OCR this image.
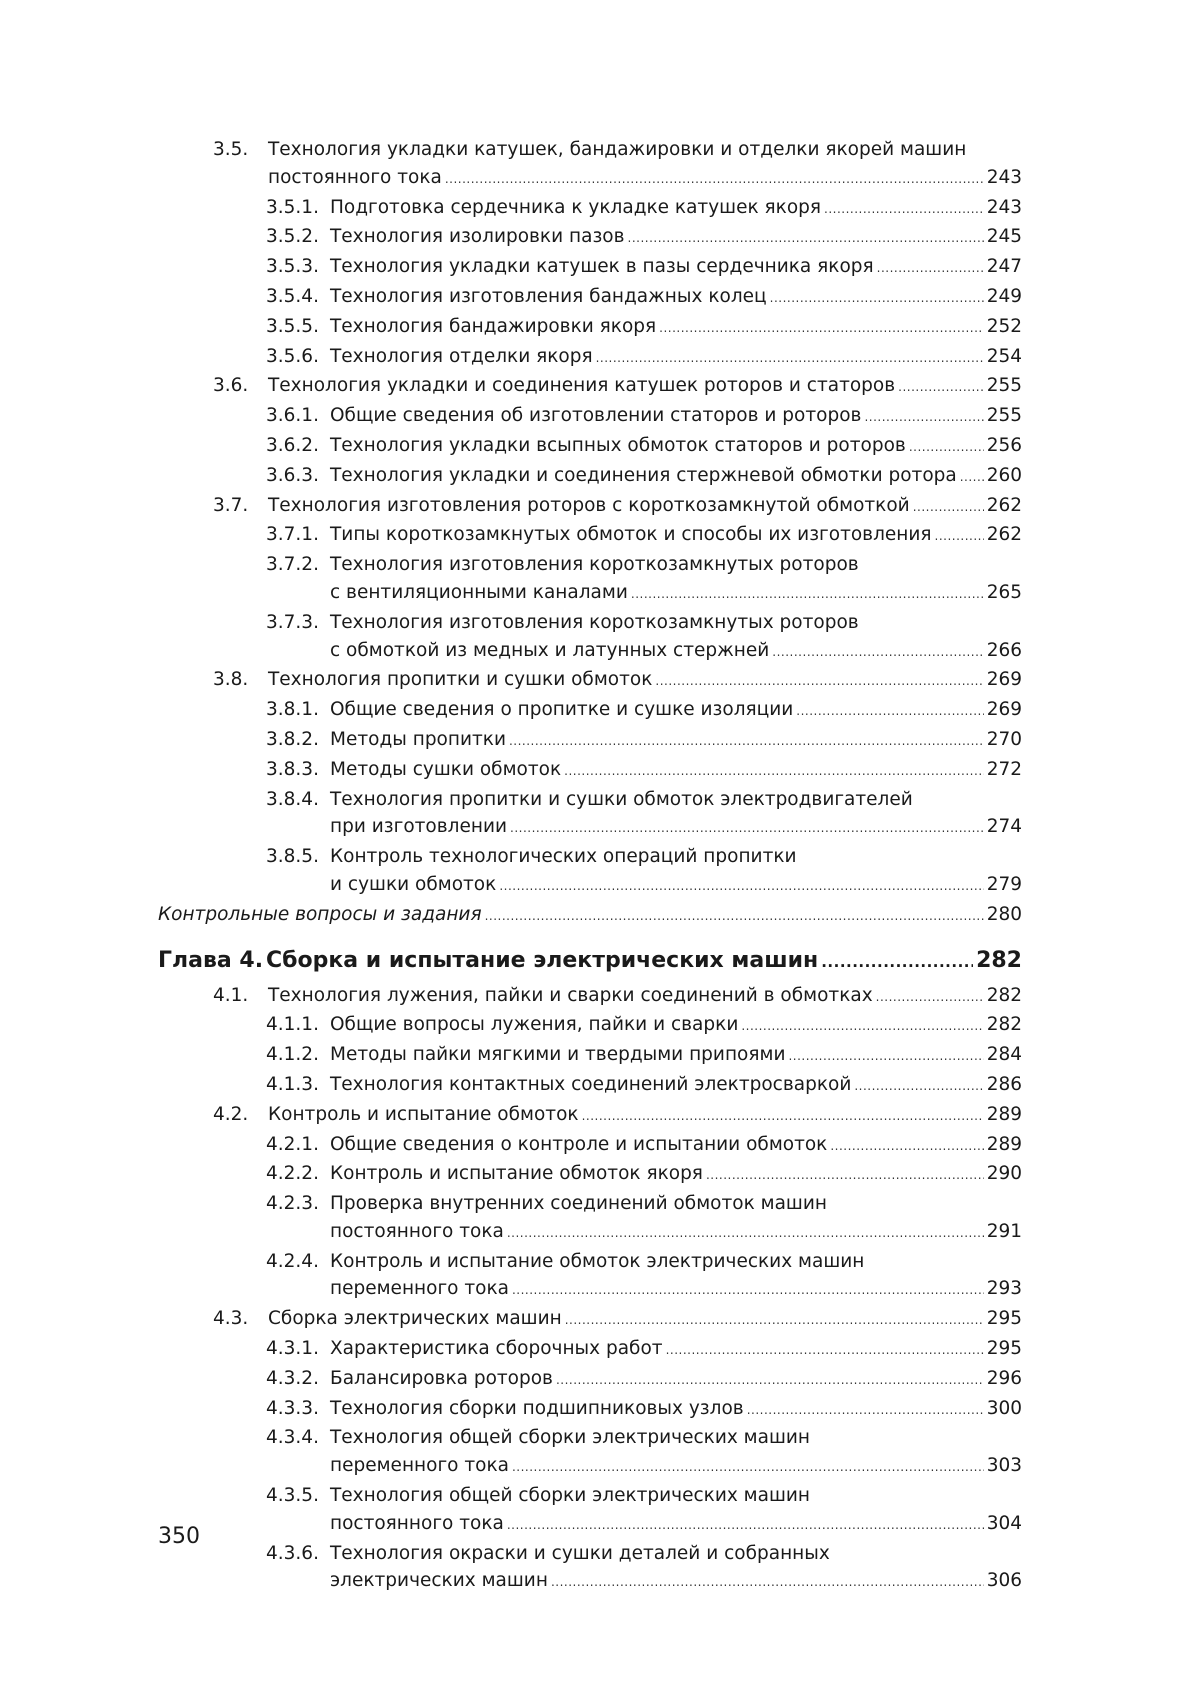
3.5.	Технология укладки катушек, бандажировки и отделки якорей машин
постоянного тока .....	243
3.5.1. Подготовка сердечника к укладке катушек якоря .....	243
3.5.2. Технология изолировки пазов .....	245
3.5.3. Технология укладки катушек в пазы сердечника якоря .....	247
3.5.4. Технология изготовления бандажных колец .....	249
3.5.5. Технология бандажировки якоря .....	252
3.5.6. Технология отделки якоря .....	254
3.6.	Технология укладки и соединения катушек роторов и статоров .....	255
3.6.1. Общие сведения об изготовлении статоров и роторов .....	255
3.6.2. Технология укладки всыпных обмоток статоров и роторов .....	256
3.6.3. Технология укладки и соединения стержневой обмотки ротора ..... 260
3.7.	Технология изготовления роторов с короткозамкнутой обмоткой .....	262
3.7.1. Типы короткозамкнутых обмоток и способы их изготовления .....	262
3.7.2. Технология изготовления короткозамкнутых роторов
с вентиляционными каналами .....	265
3.7.3. Технология изготовления короткозамкнутых роторов
с обмоткой из медных и латунных стержней .....	266
3.8.	Технология пропитки и сушки обмоток .....	269
3.8.1. Общие сведения о пропитке и сушке изоляции .....	269
3.8.2. Методы пропитки .....	270
3.8.3. Методы сушки обмоток .....	272
3.8.4. Технология пропитки и сушки обмоток электродвигателей
при изготовлении .....	274
3.8.5. Контроль технологических операций пропитки
и сушки обмоток .....	279
Контрольные вопросы и задания .....	280
Глава 4. Сборка и испытание электрических машин .....	282
4.1.	Технология лужения, пайки и сварки соединений в обмотках .....	282
4.1.1. Общие вопросы лужения, пайки и сварки .....	282
4.1.2. Методы пайки мягкими и твердыми припоями .....	284
4.1.3. Технология контактных соединений электросваркой .....	286
4.2.	Контроль и испытание обмоток .....	289
4.2.1. Общие сведения о контроле и испытании обмоток .....	289
4.2.2. Контроль и испытание обмоток якоря .....	290
4.2.3. Проверка внутренних соединений обмоток машин
постоянного тока .....	291
4.2.4. Контроль и испытание обмоток электрических машин
переменного тока .....	293
4.3.	Сборка электрических машин .....	295
4.3.1. Характеристика сборочных работ .....	295
4.3.2. Балансировка роторов .....	296
4.3.3. Технология сборки подшипниковых узлов .....	300
4.3.4. Технология общей сборки электрических машин
переменного тока .....	303
4.3.5. Технология общей сборки электрических машин
постоянного тока .....	304
4.3.6. Технология окраски и сушки деталей и собранных
электрических машин .....	306
350
